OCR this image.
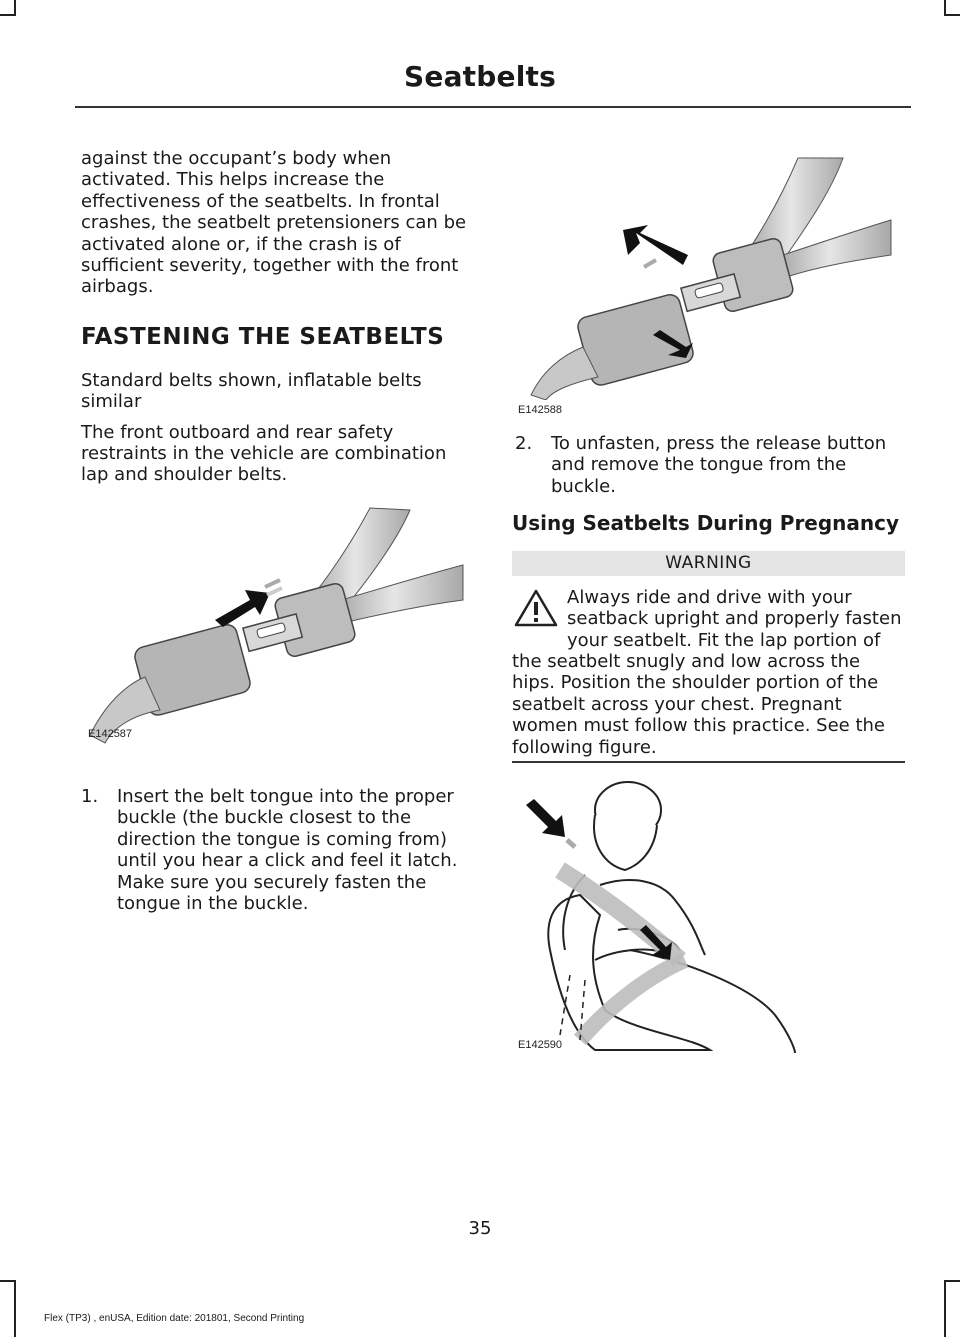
Seatbelts

against the occupant’s body when activated. This helps increase the effectiveness of the seatbelts. In frontal crashes, the seatbelt pretensioners can be activated alone or, if the crash is of sufficient severity, together with the front airbags.

FASTENING THE SEATBELTS

Standard belts shown, inflatable belts similar

The front outboard and rear safety restraints in the vehicle are combination lap and shoulder belts.

E142587
1.	Insert the belt tongue into the proper buckle (the buckle closest to the direction the tongue is coming from) until you hear a click and feel it latch. Make sure you securely fasten the tongue in the buckle.
E142588
2.	To unfasten, press the release button and remove the tongue from the buckle.
Using Seatbelts During Pregnancy
WARNING

Always ride and drive with your seatback upright and properly fasten your seatbelt. Fit the lap portion of

the seatbelt snugly and low across the hips. Position the shoulder portion of the seatbelt across your chest. Pregnant women must follow this practice. See the following figure.

E142590
35
Flex (TP3) , enUSA, Edition date: 201801, Second Printing
